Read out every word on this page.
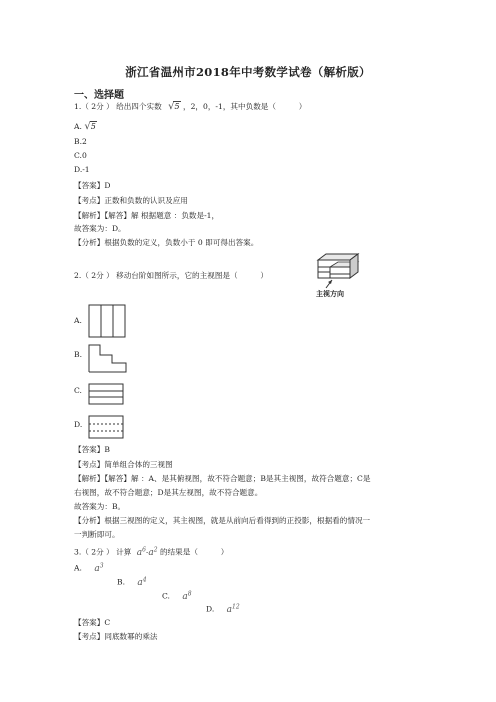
浙江省温州市2018年中考数学试卷（解析版）
一、选择题
1.（ 2分 ） 给出四个实数 √5 ，2，0，-1，其中负数是（　　　）
A. √5
B.2
C.0
D.-1
【答案】D
【考点】正数和负数的认识及应用
【解析】【解答】解 根据题意 ：负数是-1，
故答案为：D。
【分析】根据负数的定义，负数小于 0 即可得出答案。
2.（ 2分 ） 移动台阶如图所示，它的主视图是（　　　）
主视方向
A.
B.
C.
D.
【答案】B
【考点】简单组合体的三视图
【解析】【解答】解 ：A、是其俯视图，故不符合题意；B是其主视图，故符合题意；C是
右视图，故不符合题意；D是其左视图，故不符合题意。
故答案为：B。
【分析】根据三视图的定义，其主视图，就是从前向后看得到的正投影，根据看的情况一
一判断即可。
3.（ 2分 ） 计算 $a^6\cdot a^2$ 的结果是（　　　）
A. $a^3$
B. $a^4$
C. $a^8$
D. $a^{12}$
【答案】C
【考点】同底数幂的乘法
